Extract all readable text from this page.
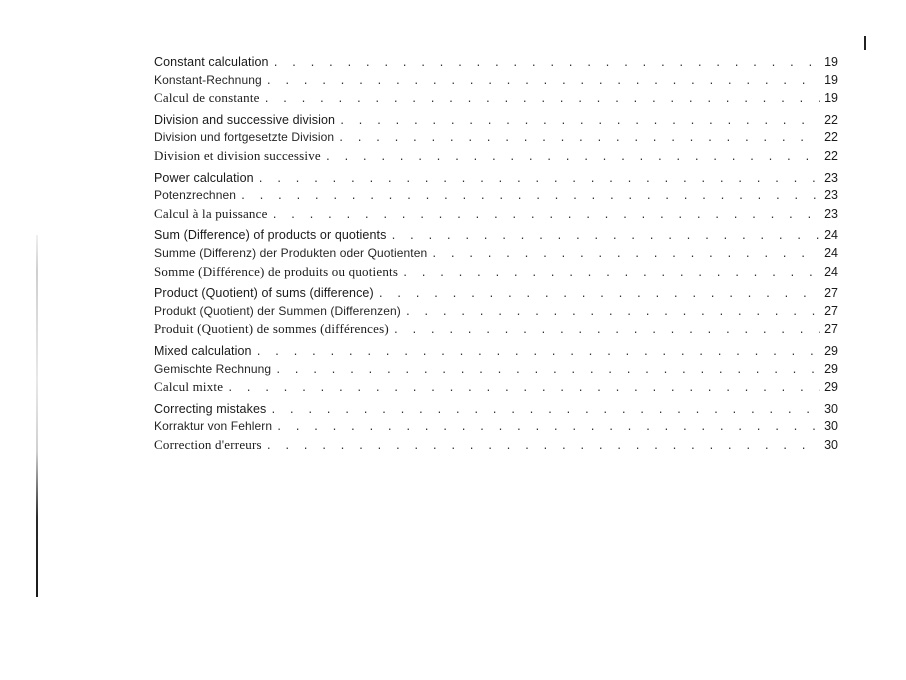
Constant calculation . . .	19
Konstant-Rechnung . . .	19
Calcul de constante . . .	19
Division and successive division . . .	22
Division und fortgesetzte Division . . .	22
Division et division successive . . .	22
Power calculation . . .	23
Potenzrechnen . . .	23
Calcul à la puissance . . .	23
Sum (Difference) of products or quotients . . .	24
Summe (Differenz) der Produkten oder Quotienten . . .	24
Somme (Différence) de produits ou quotients . . .	24
Product (Quotient) of sums (difference) . . .	27
Produkt (Quotient) der Summen (Differenzen) . . .	27
Produit (Quotient) de sommes (différences) . . .	27
Mixed calculation . . .	29
Gemischte Rechnung . . .	29
Calcul mixte . . .	29
Correcting mistakes . . .	30
Korraktur von Fehlern . . .	30
Correction d'erreurs . . .	30
